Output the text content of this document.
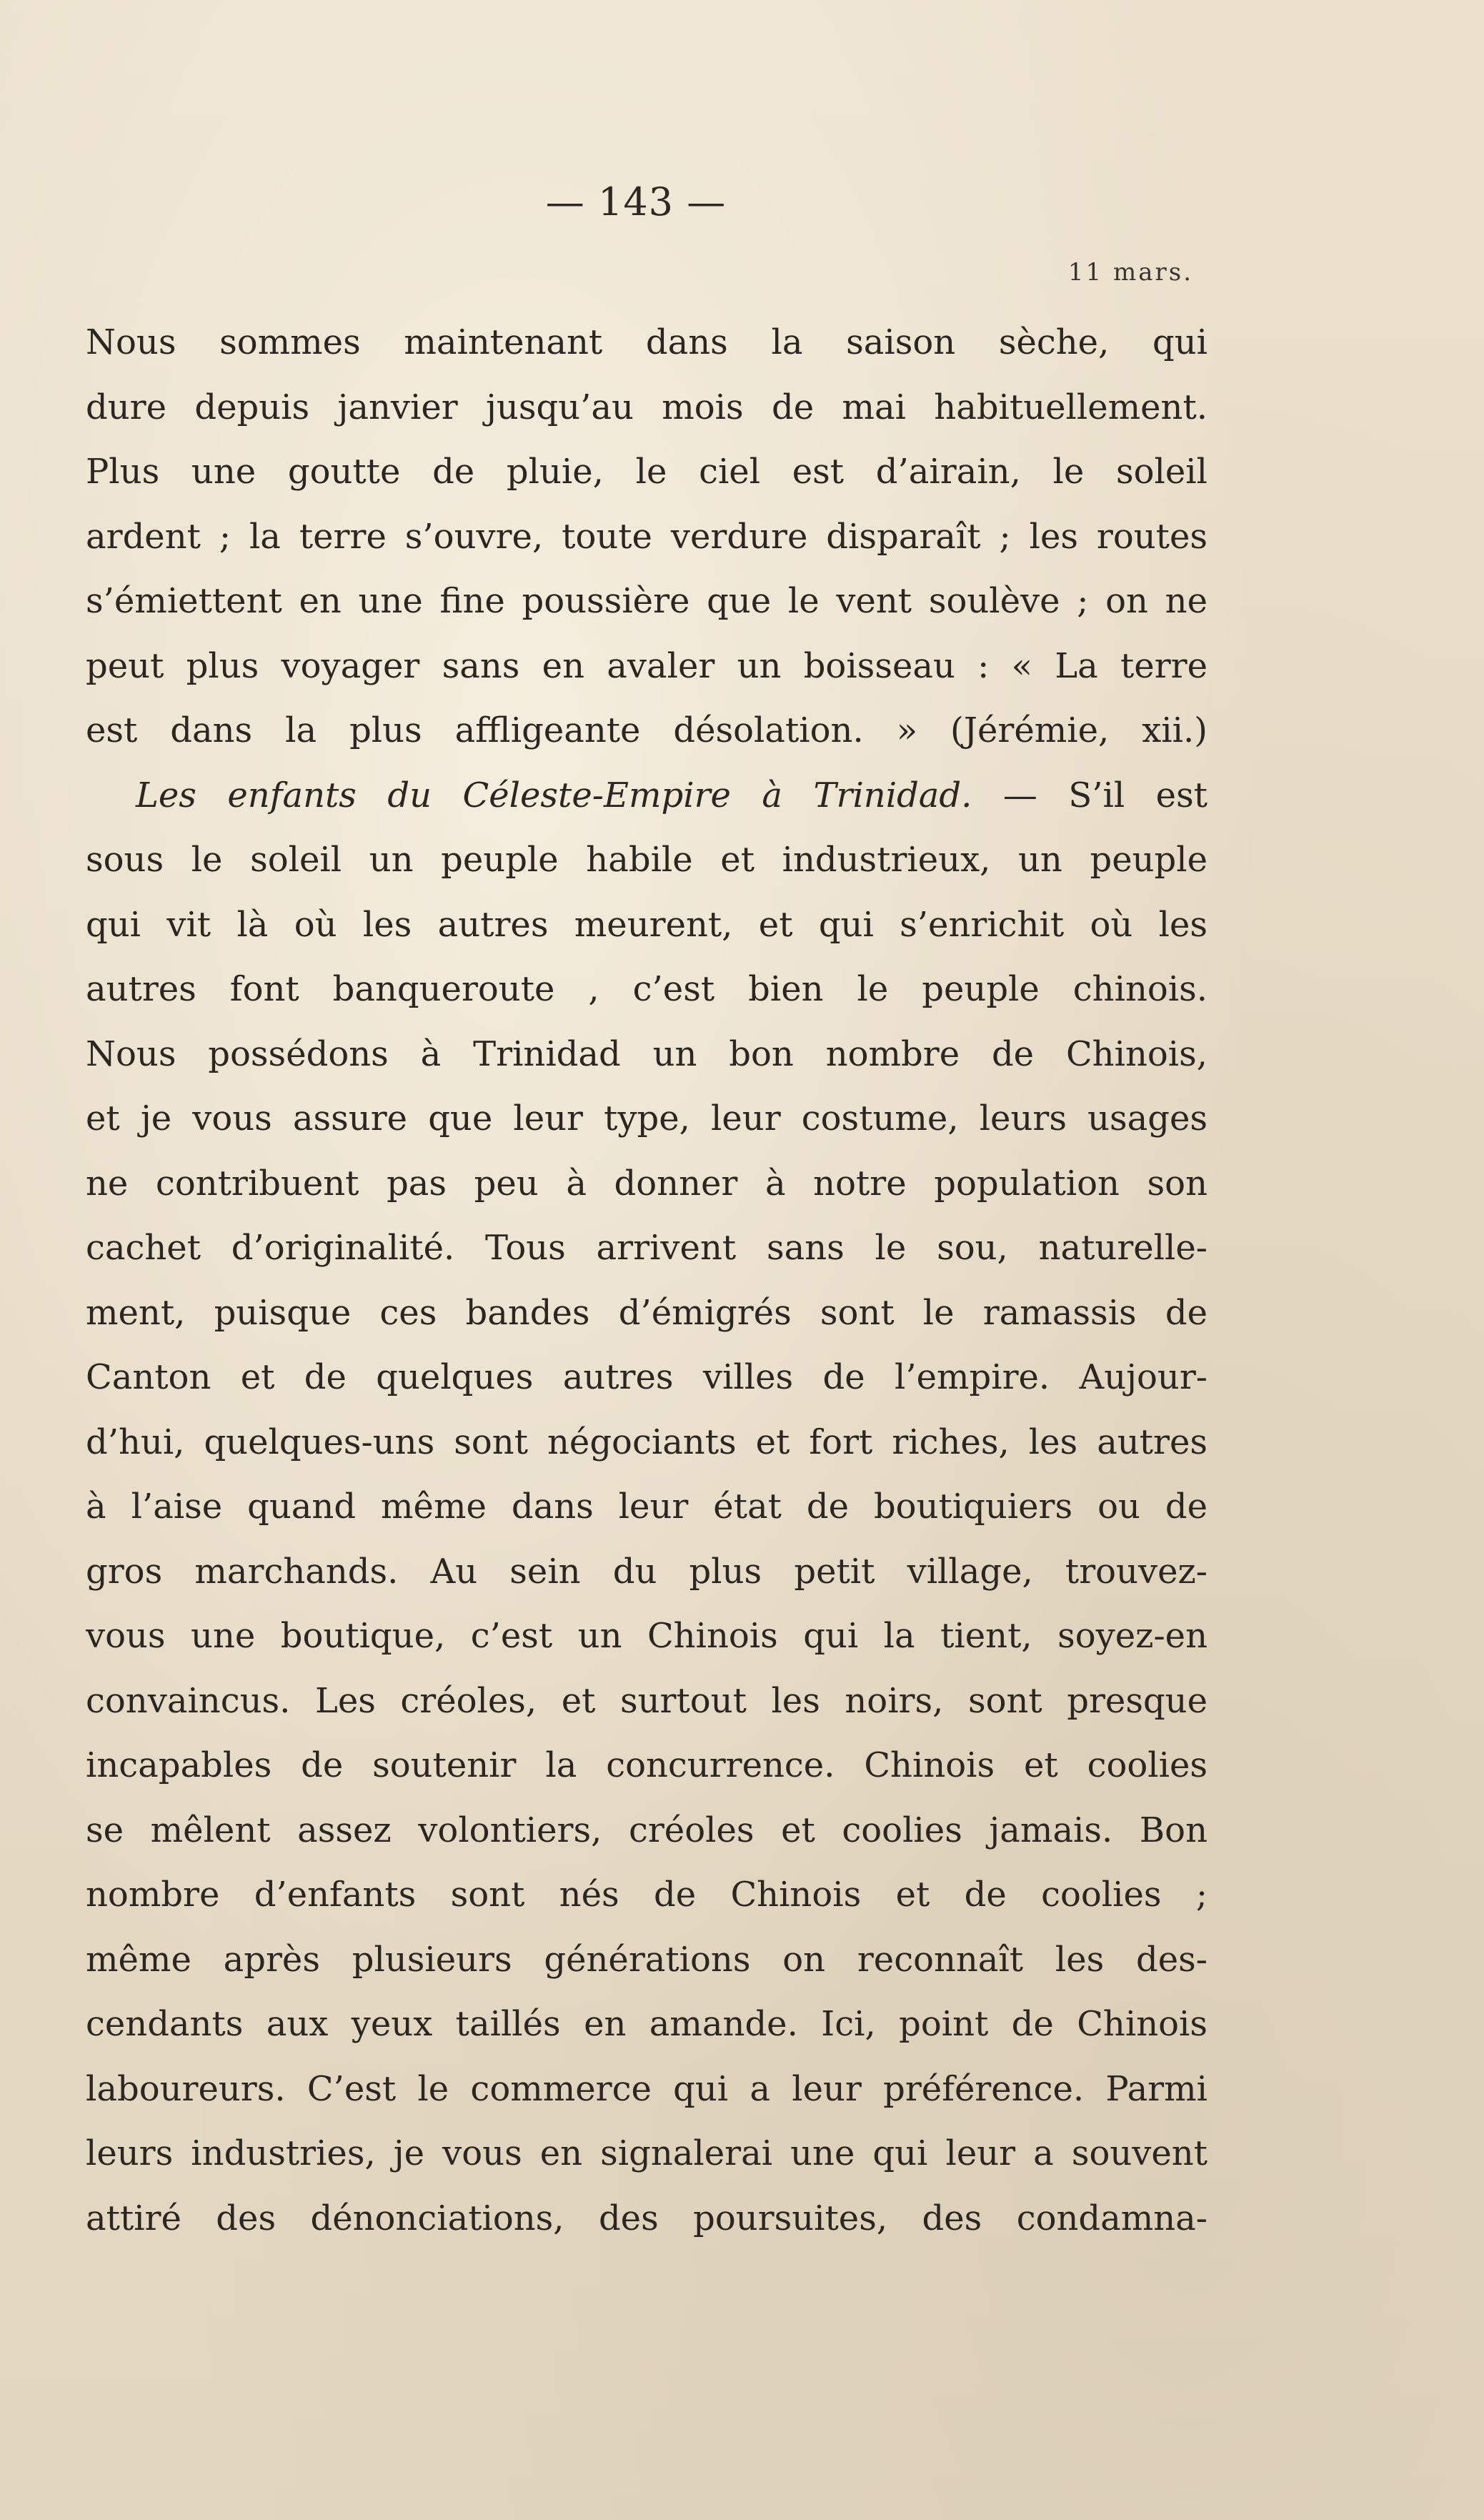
— 143 —
11 mars.
Nous sommes maintenant dans la saison sèche, qui
dure depuis janvier jusqu’au mois de mai habituellement.
Plus une goutte de pluie, le ciel est d’airain, le soleil
ardent ; la terre s’ouvre, toute verdure disparaît ; les routes
s’émiettent en une fine poussière que le vent soulève ; on ne
peut plus voyager sans en avaler un boisseau : « La terre
est dans la plus affligeante désolation. » (Jérémie, xii.)
Les enfants du Céleste-Empire à Trinidad. — S’il est
sous le soleil un peuple habile et industrieux, un peuple
qui vit là où les autres meurent, et qui s’enrichit où les
autres font banqueroute , c’est bien le peuple chinois.
Nous possédons à Trinidad un bon nombre de Chinois,
et je vous assure que leur type, leur costume, leurs usages
ne contribuent pas peu à donner à notre population son
cachet d’originalité. Tous arrivent sans le sou, naturelle-
ment, puisque ces bandes d’émigrés sont le ramassis de
Canton et de quelques autres villes de l’empire. Aujour-
d’hui, quelques-uns sont négociants et fort riches, les autres
à l’aise quand même dans leur état de boutiquiers ou de
gros marchands. Au sein du plus petit village, trouvez-
vous une boutique, c’est un Chinois qui la tient, soyez-en
convaincus. Les créoles, et surtout les noirs, sont presque
incapables de soutenir la concurrence. Chinois et coolies
se mêlent assez volontiers, créoles et coolies jamais. Bon
nombre d’enfants sont nés de Chinois et de coolies ;
même après plusieurs générations on reconnaît les des-
cendants aux yeux taillés en amande. Ici, point de Chinois
laboureurs. C’est le commerce qui a leur préférence. Parmi
leurs industries, je vous en signalerai une qui leur a souvent
attiré des dénonciations, des poursuites, des condamna-
